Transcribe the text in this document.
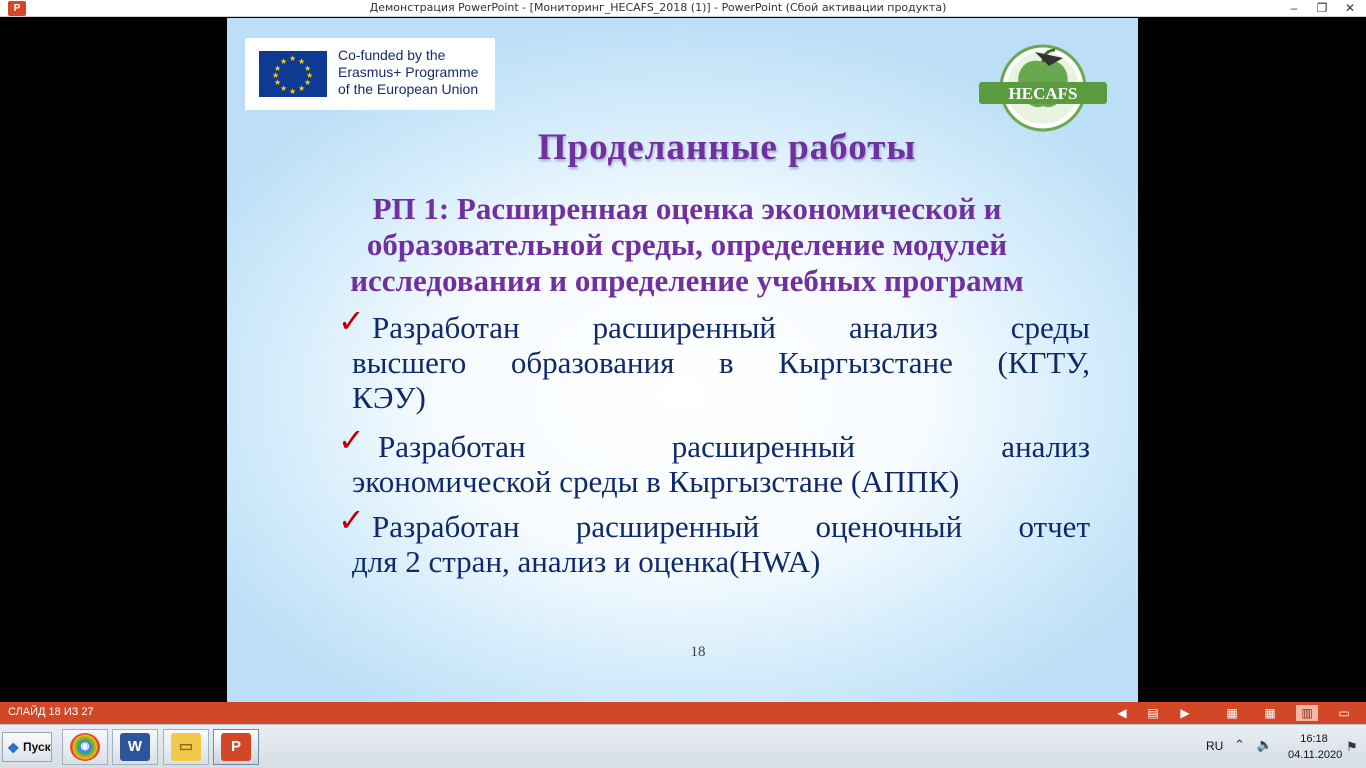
P	Демонстрация PowerPoint - [Мониторинг_HECAFS_2018 (1)] - PowerPoint (Сбой активации продукта)	–	❐	✕
★ ★
★
★
★
★
★
★
★
★
★
★	Co-funded by the
Erasmus+ Programme
of the European Union	HECAFS
Проделанные работы
РП 1: Расширенная оценка экономической и
образовательной среды, определение модулей
исследования и определение учебных программ
✓ Разработан расширенный анализ среды
высшего образования в Кыргызстане (КГТУ,
КЭУ)
✓ Разработан расширенный анализ
экономической среды в Кыргызстане (АППК)
✓ Разработан расширенный оценочный отчет
для 2 стран, анализ и оценка(HWA)
18
СЛАЙД 18 ИЗ 27	◀ ▤ ▶	▦ ▦	▥	▭
❖ Пуск	◉	W	▭	P	RU ⌃ 🔈	16:18
04.11.2020
⚑
